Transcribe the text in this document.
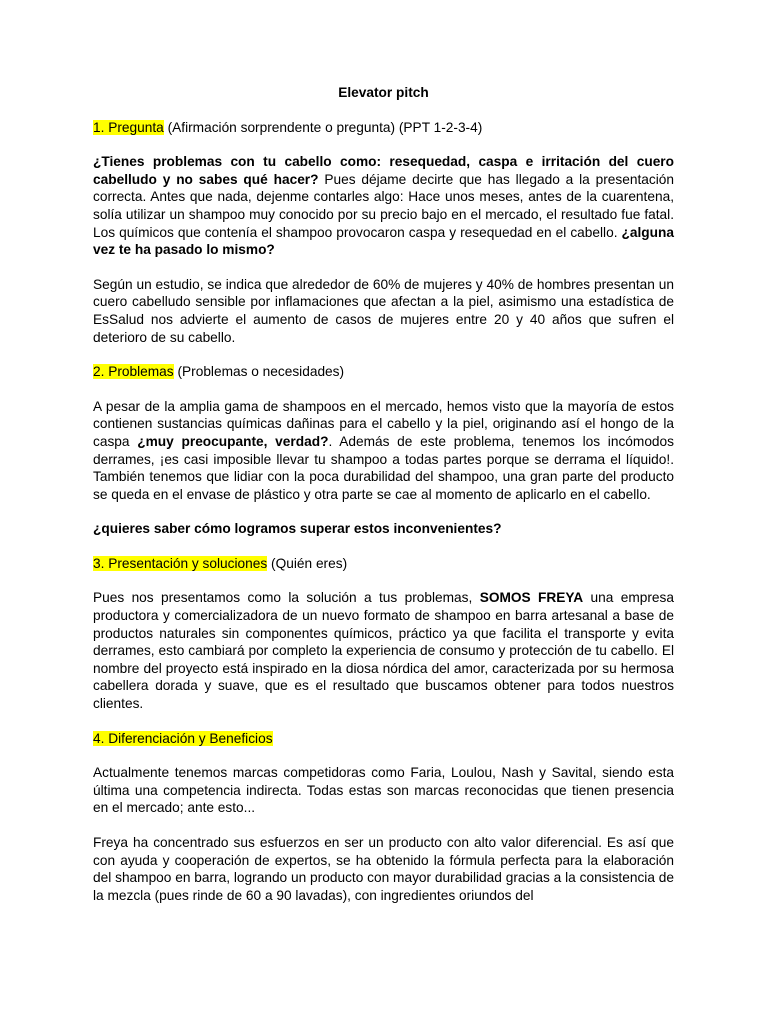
Elevator pitch
1. Pregunta (Afirmación sorprendente o pregunta) (PPT 1-2-3-4)

¿Tienes problemas con tu cabello como: resequedad, caspa e irritación del cuero cabelludo y no sabes qué hacer? Pues déjame decirte que has llegado a la presentación correcta. Antes que nada, dejenme contarles algo: Hace unos meses, antes de la cuarentena, solía utilizar un shampoo muy conocido por su precio bajo en el mercado, el resultado fue fatal. Los químicos que contenía el shampoo provocaron caspa y resequedad en el cabello. ¿alguna vez te ha pasado lo mismo?

Según un estudio, se indica que alrededor de 60% de mujeres y 40% de hombres presentan un cuero cabelludo sensible por inflamaciones que afectan a la piel, asimismo una estadística de EsSalud nos advierte el aumento de casos de mujeres entre 20 y 40 años que sufren el deterioro de su cabello.

2. Problemas (Problemas o necesidades)

A pesar de la amplia gama de shampoos en el mercado, hemos visto que la mayoría de estos contienen sustancias químicas dañinas para el cabello y la piel, originando así el hongo de la caspa ¿muy preocupante, verdad?. Además de este problema, tenemos los incómodos derrames, ¡es casi imposible llevar tu shampoo a todas partes porque se derrama el líquido!. También tenemos que lidiar con la poca durabilidad del shampoo, una gran parte del producto se queda en el envase de plástico y otra parte se cae al momento de aplicarlo en el cabello.

¿quieres saber cómo logramos superar estos inconvenientes?

3. Presentación y soluciones (Quién eres)

Pues nos presentamos como la solución a tus problemas, SOMOS FREYA una empresa productora y comercializadora de un nuevo formato de shampoo en barra artesanal a base de productos naturales sin componentes químicos, práctico ya que facilita el transporte y evita derrames, esto cambiará por completo la experiencia de consumo y protección de tu cabello. El nombre del proyecto está inspirado en la diosa nórdica del amor, caracterizada por su hermosa cabellera dorada y suave, que es el resultado que buscamos obtener para todos nuestros clientes.

4. Diferenciación y Beneficios

Actualmente tenemos marcas competidoras como Faria, Loulou, Nash y Savital, siendo esta última una competencia indirecta. Todas estas son marcas reconocidas que tienen presencia en el mercado; ante esto...

Freya ha concentrado sus esfuerzos en ser un producto con alto valor diferencial. Es así que con ayuda y cooperación de expertos, se ha obtenido la fórmula perfecta para la elaboración del shampoo en barra, logrando un producto con mayor durabilidad gracias a la consistencia de la mezcla (pues rinde de 60 a 90 lavadas), con ingredientes oriundos del
